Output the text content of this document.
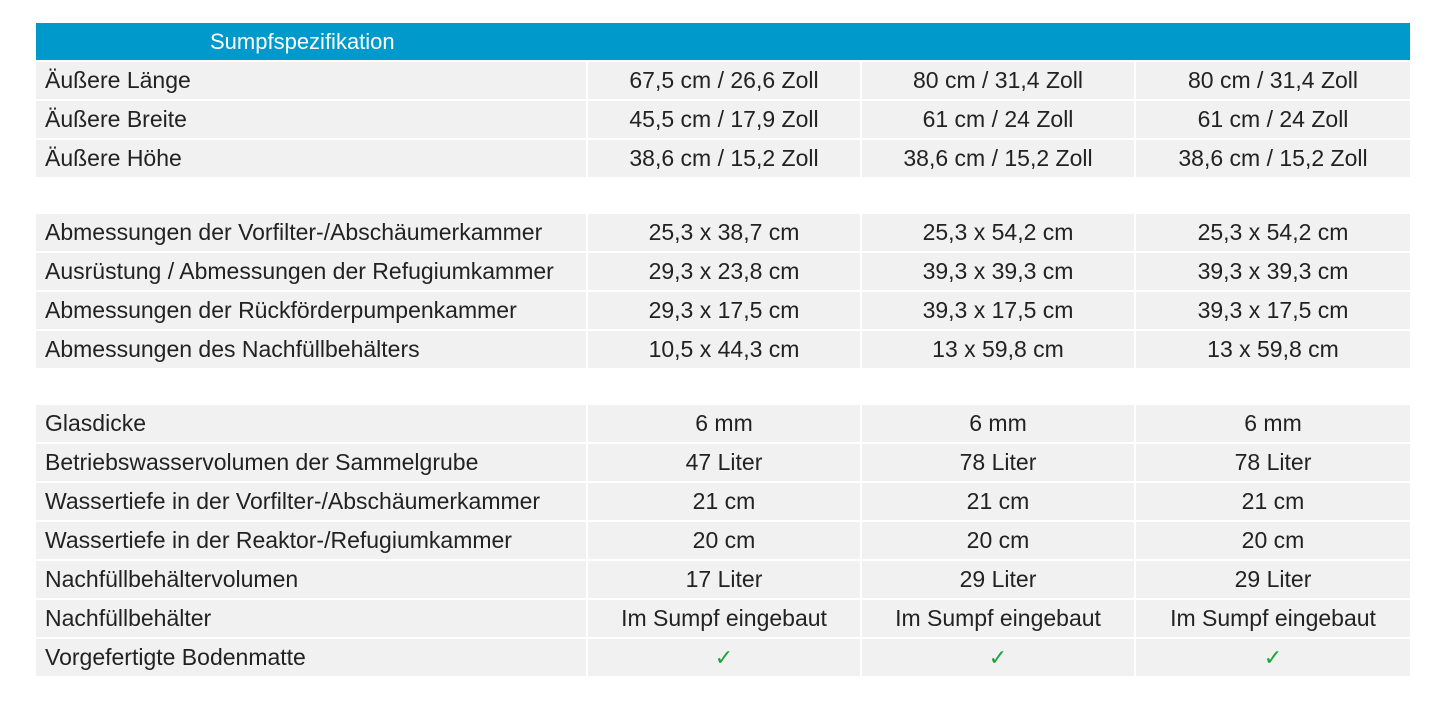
Sumpfspezifikation
Äußere Länge	67,5 cm / 26,6 Zoll	80 cm / 31,4 Zoll	80 cm / 31,4 Zoll
Äußere Breite	45,5 cm / 17,9 Zoll	61 cm / 24 Zoll	61 cm / 24 Zoll
Äußere Höhe	38,6 cm / 15,2 Zoll	38,6 cm / 15,2 Zoll	38,6 cm / 15,2 Zoll
Abmessungen der Vorfilter-/Abschäumerkammer	25,3 x 38,7 cm	25,3 x 54,2 cm	25,3 x 54,2 cm
Ausrüstung / Abmessungen der Refugiumkammer	29,3 x 23,8 cm	39,3 x 39,3 cm	39,3 x 39,3 cm
Abmessungen der Rückförderpumpenkammer	29,3 x 17,5 cm	39,3 x 17,5 cm	39,3 x 17,5 cm
Abmessungen des Nachfüllbehälters	10,5 x 44,3 cm	13 x 59,8 cm	13 x 59,8 cm
Glasdicke	6 mm	6 mm	6 mm
Betriebswasservolumen der Sammelgrube	47 Liter	78 Liter	78 Liter
Wassertiefe in der Vorfilter-/Abschäumerkammer	21 cm	21 cm	21 cm
Wassertiefe in der Reaktor-/Refugiumkammer	20 cm	20 cm	20 cm
Nachfüllbehältervolumen	17 Liter	29 Liter	29 Liter
Nachfüllbehälter	Im Sumpf eingebaut	Im Sumpf eingebaut	Im Sumpf eingebaut
Vorgefertigte Bodenmatte	✓	✓	✓
